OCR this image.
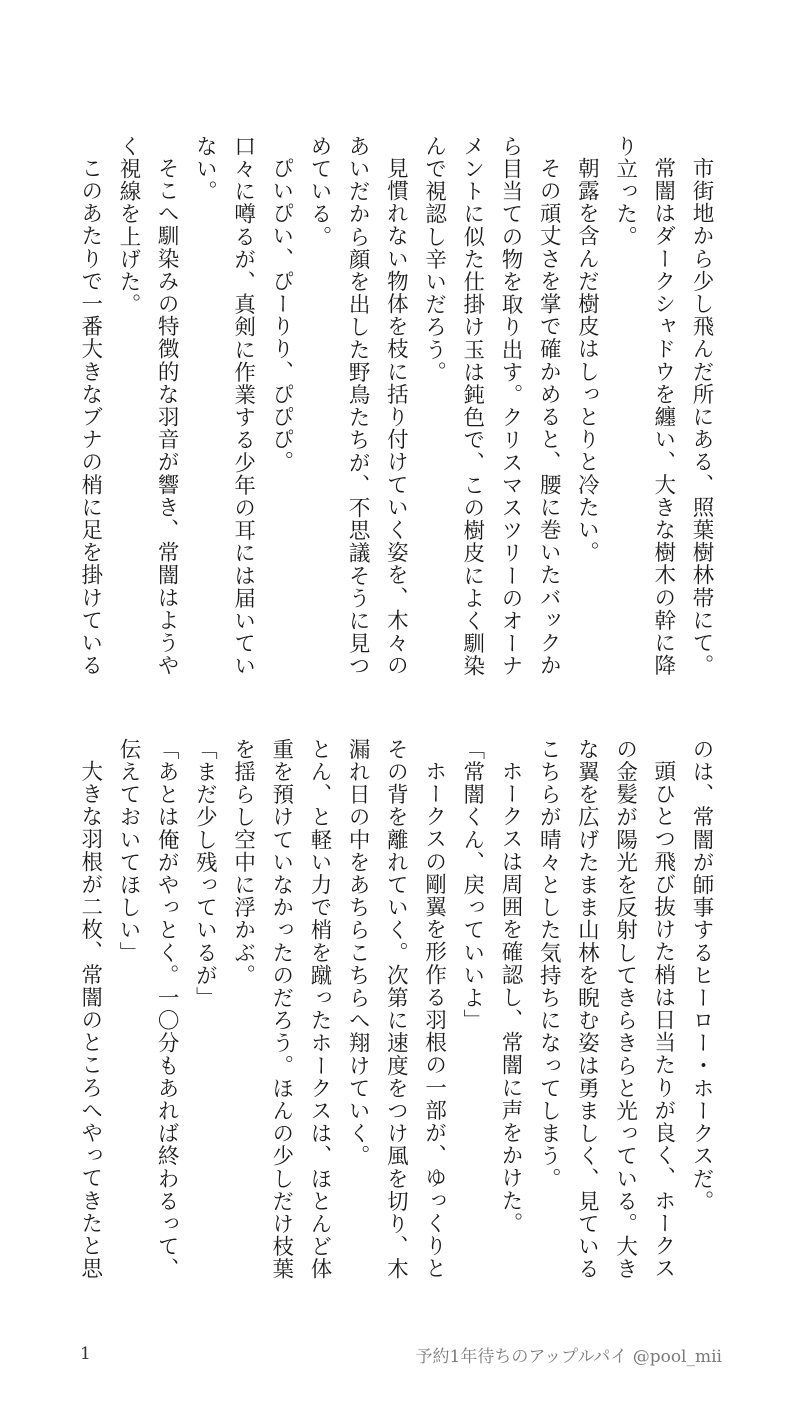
市街地から少し飛んだ所にある、照葉樹林帯にて。

常闇はダークシャドウを纏い、大きな樹木の幹に降り立った。

朝露を含んだ樹皮はしっとりと冷たい。

その頑丈さを掌で確かめると、腰に巻いたバックから目当ての物を取り出す。クリスマスツリーのオーナメントに似た仕掛け玉は鈍色で、この樹皮によく馴染んで視認し辛いだろう。

見慣れない物体を枝に括り付けていく姿を、木々のあいだから顔を出した野鳥たちが、不思議そうに見つめている。

ぴいぴい、ぴーりり、ぴぴぴ。

口々に噂るが、真剣に作業する少年の耳には届いていない。

そこへ馴染みの特徴的な羽音が響き、常闇はようやく視線を上げた。

このあたりで一番大きなブナの梢に足を掛けている

のは、常闇が師事するヒーロー・ホークスだ。

頭ひとつ飛び抜けた梢は日当たりが良く、ホークスの金髪が陽光を反射してきらきらと光っている。大きな翼を広げたまま山林を睨む姿は勇ましく、見ているこちらが晴々とした気持ちになってしまう。

ホークスは周囲を確認し、常闇に声をかけた。

「常闇くん、戻っていいよ」

ホークスの剛翼を形作る羽根の一部が、ゆっくりとその背を離れていく。次第に速度をつけ風を切り、木漏れ日の中をあちらこちらへ翔けていく。

とん、と軽い力で梢を蹴ったホークスは、ほとんど体重を預けていなかったのだろう。ほんの少しだけ枝葉を揺らし空中に浮かぶ。

「まだ少し残っているが」

「あとは俺がやっとく。一〇分もあれば終わるって、伝えておいてほしい」

大きな羽根が二枚、常闇のところへやってきたと思

1	予約1年待ちのアップルパイ @pool_mii
